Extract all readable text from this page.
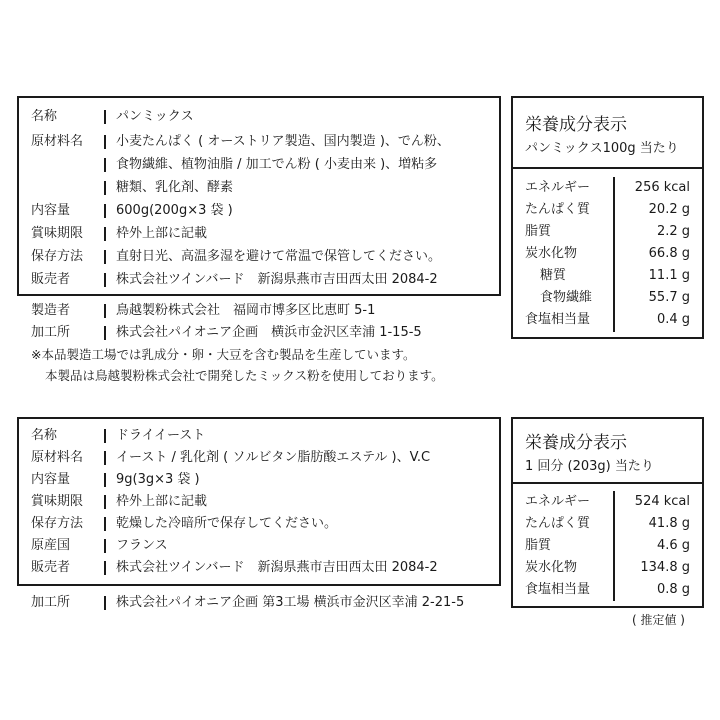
名称	パンミックス
原材料名	小麦たんぱく ( オーストリア製造、国内製造 )、でん粉、
食物繊維、植物油脂 / 加工でん粉 ( 小麦由来 )、増粘多
糖類、乳化剤、酵素
内容量	600g(200g×3 袋 )
賞味期限	枠外上部に記載
保存方法	直射日光、高温多湿を避けて常温で保管してください。
販売者	株式会社ツインバード　新潟県燕市吉田西太田 2084-2
製造者	鳥越製粉株式会社　福岡市博多区比恵町 5-1
加工所	株式会社パイオニア企画　横浜市金沢区幸浦 1-15-5
※本品製造工場では乳成分・卵・大豆を含む製品を生産しています。
本製品は鳥越製粉株式会社で開発したミックス粉を使用しております。
栄養成分表示
パンミックス100g 当たり
エネルギー	256 kcal
たんぱく質	20.2 g
脂質	2.2 g
炭水化物	66.8 g
糖質	11.1 g
食物繊維	55.7 g
食塩相当量	0.4 g
名称	ドライイースト
原材料名	イースト / 乳化剤 ( ソルビタン脂肪酸エステル )、V.C
内容量	9g(3g×3 袋 )
賞味期限	枠外上部に記載
保存方法	乾燥した冷暗所で保存してください。
原産国	フランス
販売者	株式会社ツインバード　新潟県燕市吉田西太田 2084-2
加工所	株式会社パイオニア企画 第3工場 横浜市金沢区幸浦 2-21-5
栄養成分表示
1 回分 (203g) 当たり
エネルギー	524 kcal
たんぱく質	41.8 g
脂質	4.6 g
炭水化物	134.8 g
食塩相当量	0.8 g
( 推定値 )
